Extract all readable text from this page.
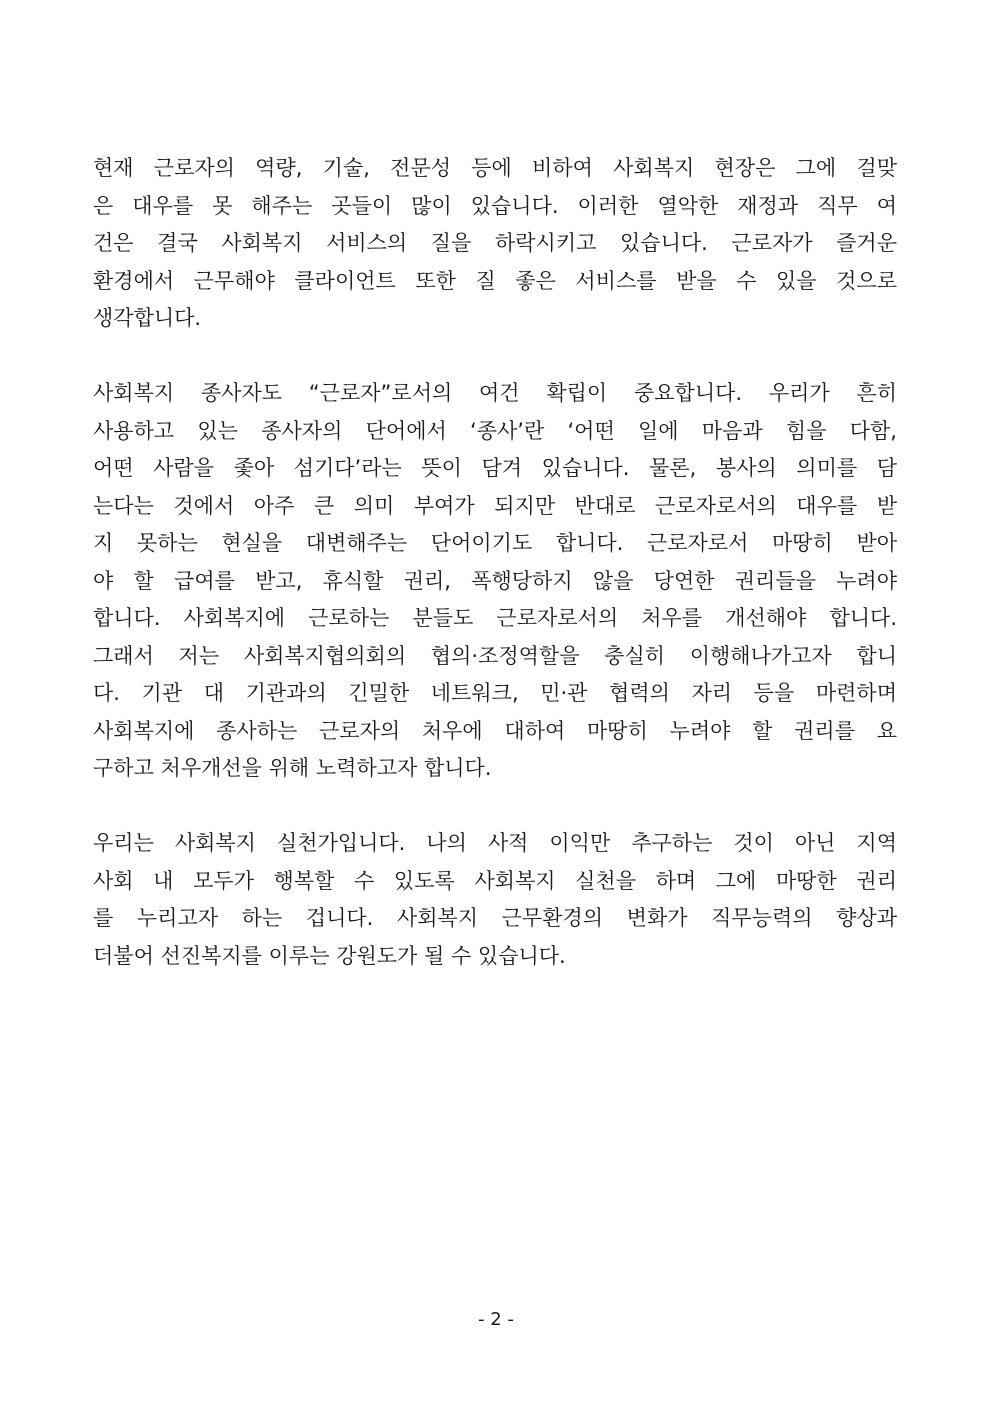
현재 근로자의 역량, 기술, 전문성 등에 비하여 사회복지 현장은 그에 걸맞
은 대우를 못 해주는 곳들이 많이 있습니다. 이러한 열악한 재정과 직무 여
건은 결국 사회복지 서비스의 질을 하락시키고 있습니다. 근로자가 즐거운
환경에서 근무해야 클라이언트 또한 질 좋은 서비스를 받을 수 있을 것으로
생각합니다.
사회복지 종사자도 “근로자”로서의 여건 확립이 중요합니다. 우리가 흔히
사용하고 있는 종사자의 단어에서 ‘종사’란 ‘어떤 일에 마음과 힘을 다함,
어떤 사람을 좇아 섬기다’라는 뜻이 담겨 있습니다. 물론, 봉사의 의미를 담
는다는 것에서 아주 큰 의미 부여가 되지만 반대로 근로자로서의 대우를 받
지 못하는 현실을 대변해주는 단어이기도 합니다. 근로자로서 마땅히 받아
야 할 급여를 받고, 휴식할 권리, 폭행당하지 않을 당연한 권리들을 누려야
합니다. 사회복지에 근로하는 분들도 근로자로서의 처우를 개선해야 합니다.
그래서 저는 사회복지협의회의 협의·조정역할을 충실히 이행해나가고자 합니
다. 기관 대 기관과의 긴밀한 네트워크, 민·관 협력의 자리 등을 마련하며
사회복지에 종사하는 근로자의 처우에 대하여 마땅히 누려야 할 권리를 요
구하고 처우개선을 위해 노력하고자 합니다.
우리는 사회복지 실천가입니다. 나의 사적 이익만 추구하는 것이 아닌 지역
사회 내 모두가 행복할 수 있도록 사회복지 실천을 하며 그에 마땅한 권리
를 누리고자 하는 겁니다. 사회복지 근무환경의 변화가 직무능력의 향상과
더불어 선진복지를 이루는 강원도가 될 수 있습니다.
- 2 -
